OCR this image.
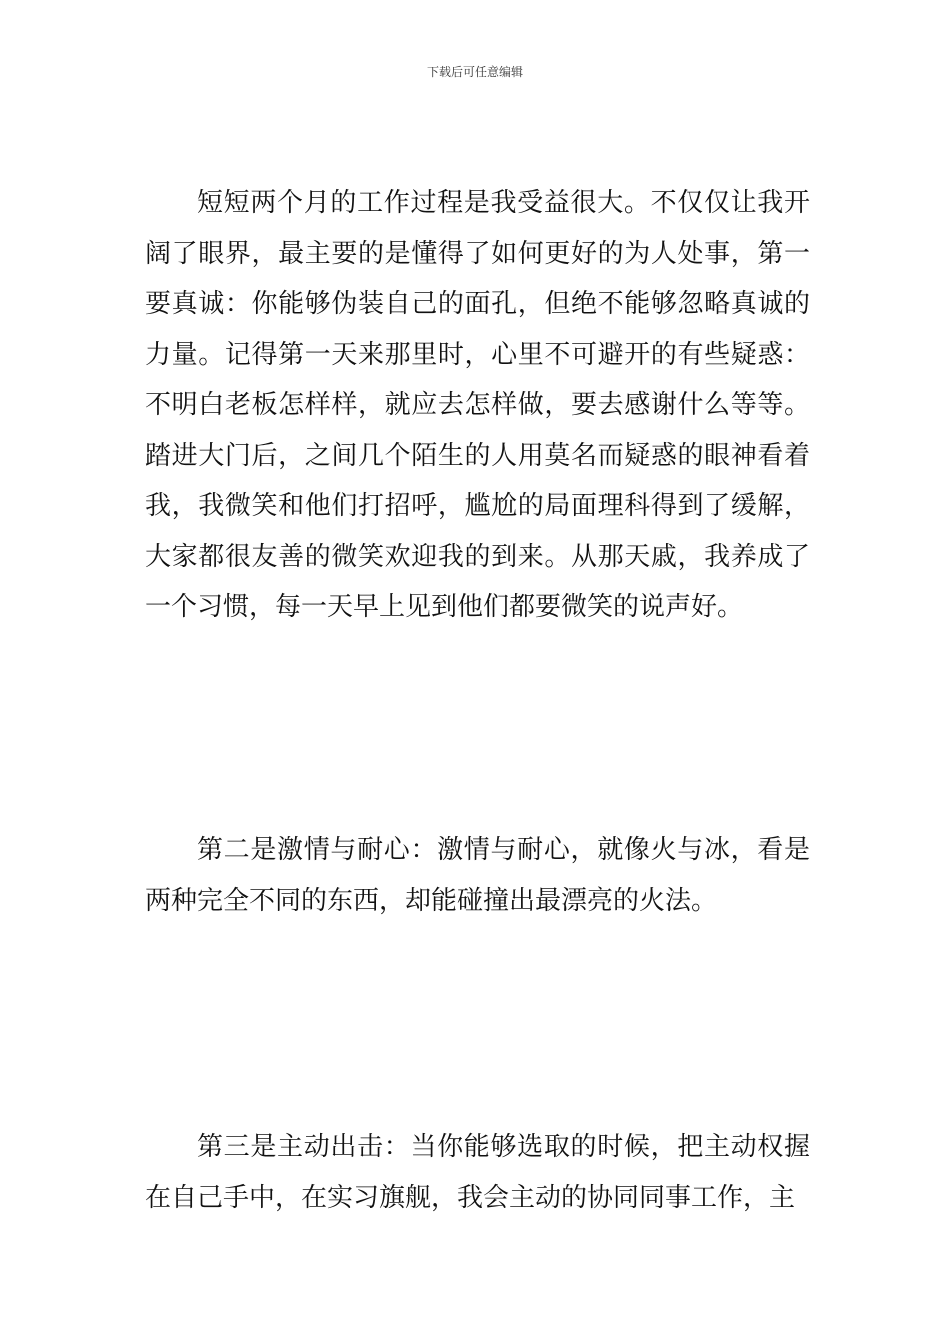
下载后可任意编辑

短短两个月的工作过程是我受益很大。不仅仅让我开阔了眼界，最主要的是懂得了如何更好的为人处事，第一要真诚：你能够伪装自己的面孔，但绝不能够忽略真诚的力量。记得第一天来那里时，心里不可避开的有些疑惑：不明白老板怎样样，就应去怎样做，要去感谢什么等等。踏进大门后，之间几个陌生的人用莫名而疑惑的眼神看着我，我微笑和他们打招呼，尴尬的局面理科得到了缓解，大家都很友善的微笑欢迎我的到来。从那天戚，我养成了一个习惯，每一天早上见到他们都要微笑的说声好。

第二是激情与耐心：激情与耐心，就像火与冰，看是两种完全不同的东西，却能碰撞出最漂亮的火法。

第三是主动出击：当你能够选取的时候，把主动权握在自己手中，在实习旗舰，我会主动的协同同事工作，主
